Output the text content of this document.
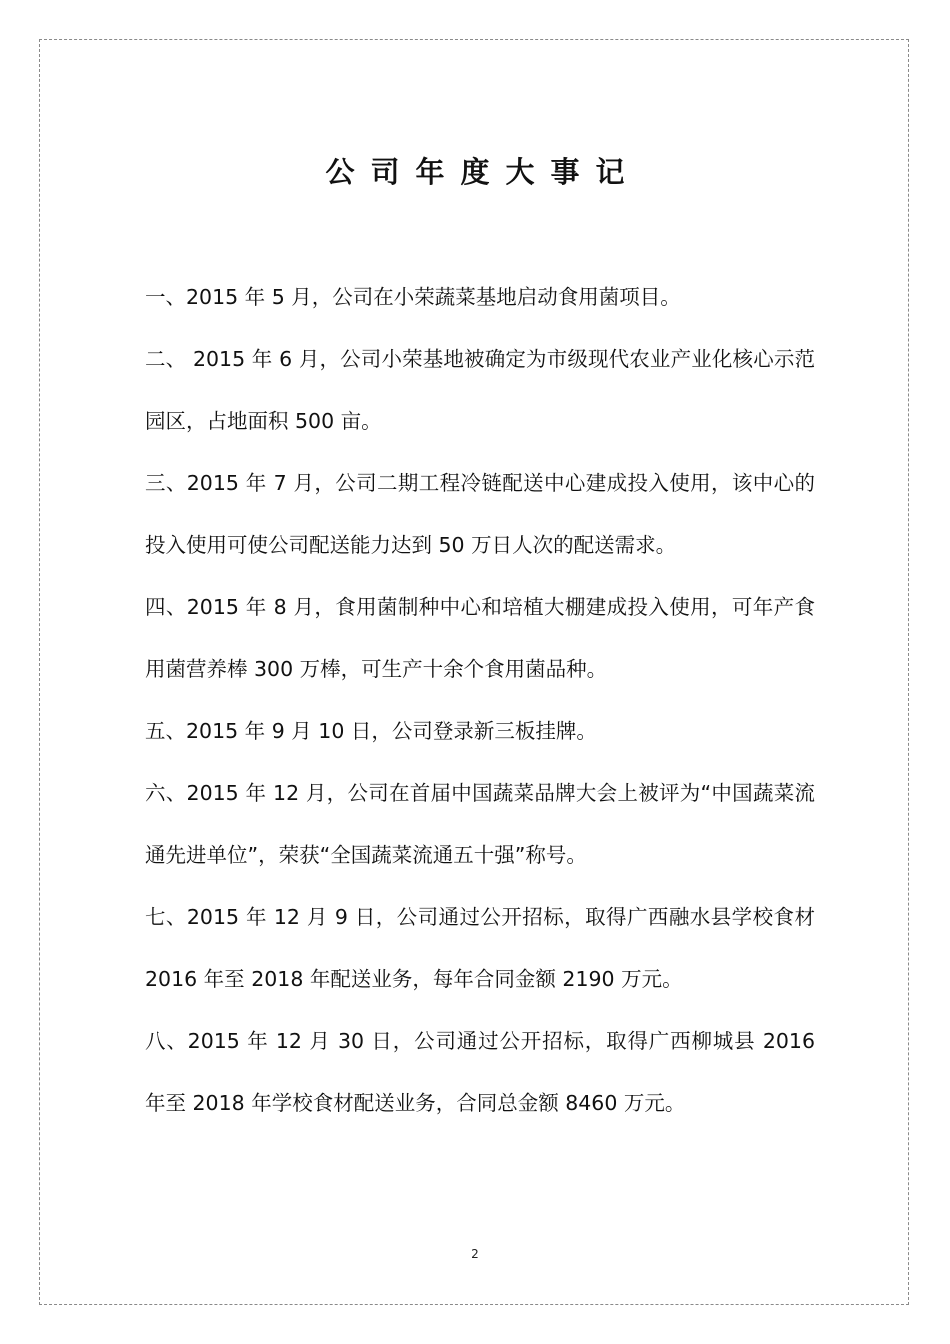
公司年度大事记
一、2015 年 5 月，公司在小荣蔬菜基地启动食用菌项目。
二、 2015 年 6 月，公司小荣基地被确定为市级现代农业产业化核心示范园区，占地面积 500 亩。
三、2015 年 7 月，公司二期工程冷链配送中心建成投入使用，该中心的投入使用可使公司配送能力达到 50 万日人次的配送需求。
四、2015 年 8 月，食用菌制种中心和培植大棚建成投入使用，可年产食用菌营养棒 300 万棒，可生产十余个食用菌品种。
五、2015 年 9 月 10 日，公司登录新三板挂牌。
六、2015 年 12 月，公司在首届中国蔬菜品牌大会上被评为“中国蔬菜流通先进单位”，荣获“全国蔬菜流通五十强”称号。
七、2015 年 12 月 9 日，公司通过公开招标，取得广西融水县学校食材 2016 年至 2018 年配送业务，每年合同金额 2190 万元。
八、2015 年 12 月 30 日，公司通过公开招标，取得广西柳城县 2016 年至 2018 年学校食材配送业务，合同总金额 8460 万元。
2
